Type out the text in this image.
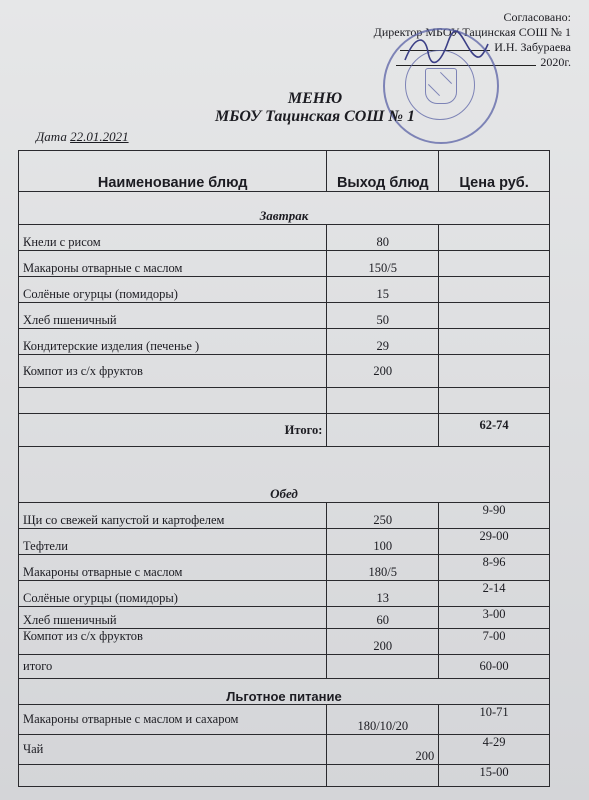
Согласовано:
Директор МБОУ Тацинская СОШ № 1
И.Н. Забураева
2020г.
МЕНЮ
МБОУ Тацинская СОШ № 1
Дата 22.01.2021
Наименование блюд	Выход блюд	Цена руб.
Завтрак		
Кнели с рисом	80	
Макароны отварные с маслом	150/5	
Солёные огурцы (помидоры)	15	
Хлеб пшеничный	50	
Кондитерские изделия (печенье )	29	
Компот из с/х фруктов	200	

Итого:		62-74
Обед		
Щи со свежей капустой и картофелем	250	9-90
Тефтели	100	29-00
Макароны отварные с маслом	180/5	8-96
Солёные огурцы (помидоры)	13	2-14
Хлеб пшеничный	60	3-00
Компот из с/х фруктов	200	7-00
итого		60-00
Льготное питание		
Макароны отварные с маслом и сахаром	180/10/20	10-71
Чай	200	4-29
		15-00
